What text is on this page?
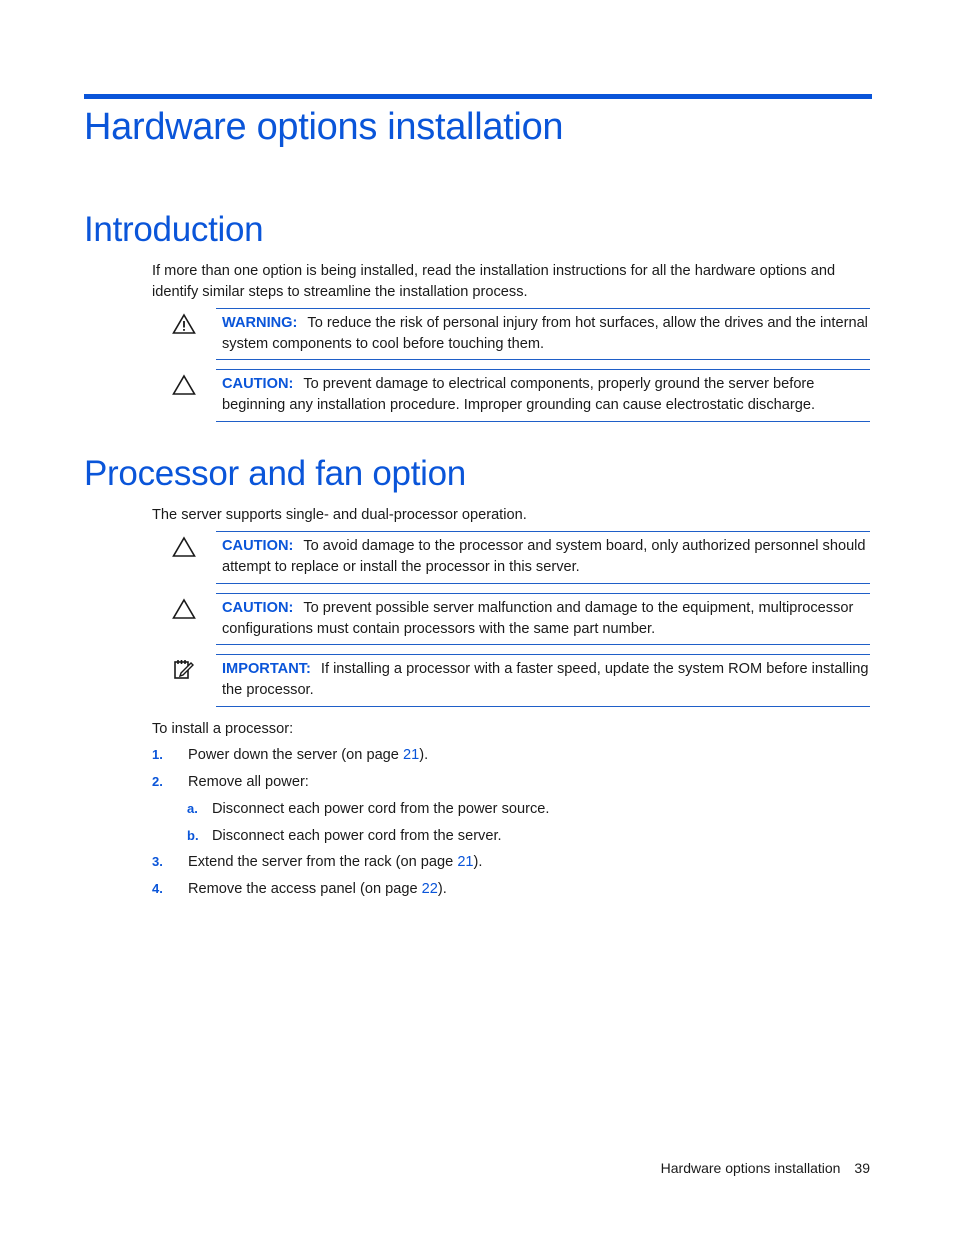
Hardware options installation
Introduction

If more than one option is being installed, read the installation instructions for all the hardware options and identify similar steps to streamline the installation process.

WARNING: To reduce the risk of personal injury from hot surfaces, allow the drives and the internal system components to cool before touching them.
CAUTION: To prevent damage to electrical components, properly ground the server before beginning any installation procedure. Improper grounding can cause electrostatic discharge.
Processor and fan option

The server supports single- and dual-processor operation.

CAUTION: To avoid damage to the processor and system board, only authorized personnel should attempt to replace or install the processor in this server.
CAUTION: To prevent possible server malfunction and damage to the equipment, multiprocessor configurations must contain processors with the same part number.
IMPORTANT: If installing a processor with a faster speed, update the system ROM before installing the processor.

To install a processor:

1. Power down the server (on page 21).
2. Remove all power:
a. Disconnect each power cord from the power source.
b. Disconnect each power cord from the server.
3. Extend the server from the rack (on page 21).
4. Remove the access panel (on page 22).
Hardware options installation 39
